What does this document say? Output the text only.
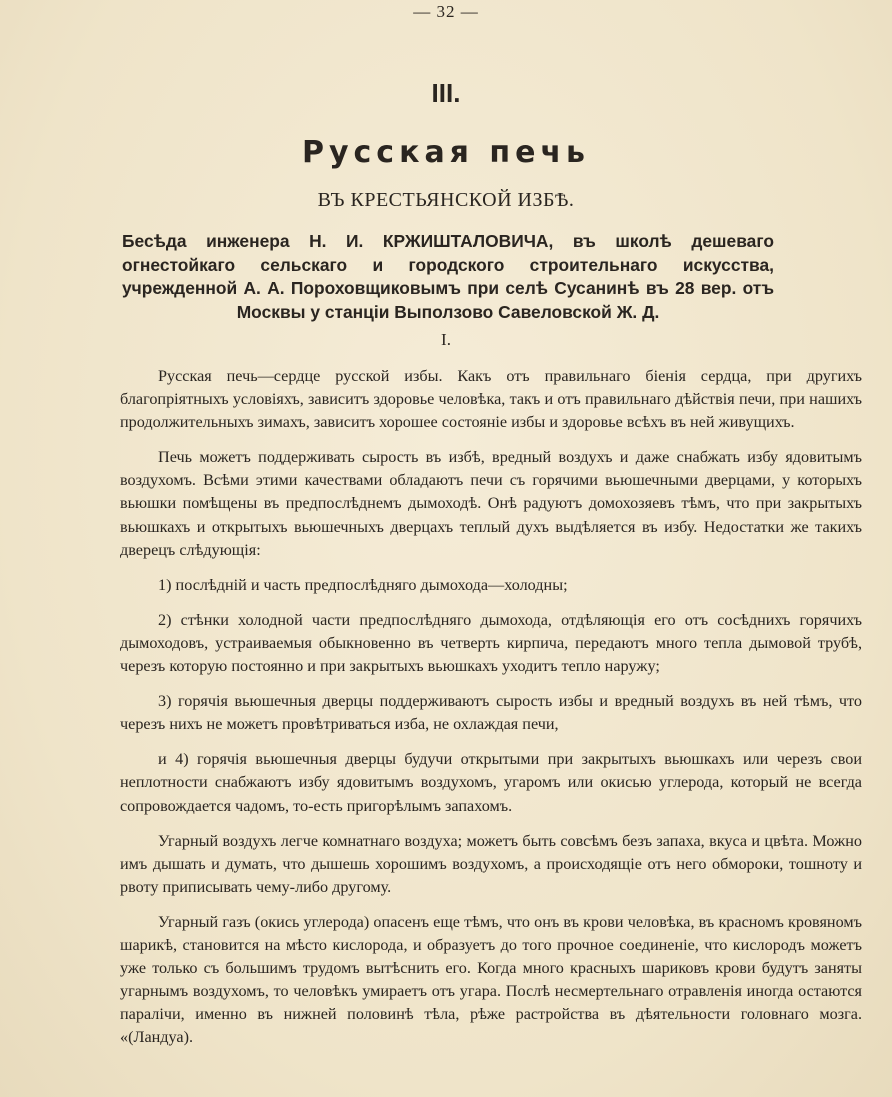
— 32 —
III.
Русская печь
ВЪ КРЕСТЬЯНСКОЙ ИЗБѢ.
Бесѣда инженера Н. И. КРЖИШТАЛОВИЧА, въ школѣ дешеваго огнестойкаго сельскаго и городского строительнаго искусства, учрежденной А. А. Пороховщиковымъ при селѣ Сусанинѣ въ 28 вер. отъ Москвы у станціи Выползово Савеловской Ж. Д.
I.

Русская печь—сердце русской избы. Какъ отъ правильнаго біенія сердца, при другихъ благопріятныхъ условіяхъ, зависитъ здоровье человѣка, такъ и отъ правильнаго дѣйствія печи, при нашихъ продолжительныхъ зимахъ, зависитъ хорошее состояніе избы и здоровье всѣхъ въ ней живущихъ.

Печь можетъ поддерживать сырость въ избѣ, вредный воздухъ и даже снабжать избу ядовитымъ воздухомъ. Всѣми этими качествами обладаютъ печи съ горячими вьюшечными дверцами, у которыхъ вьюшки помѣщены въ предпослѣднемъ дымоходѣ. Онѣ радуютъ домохозяевъ тѣмъ, что при закрытыхъ вьюшкахъ и открытыхъ вьюшечныхъ дверцахъ теплый духъ выдѣляется въ избу. Недостатки же такихъ дверецъ слѣдующія:

1) послѣдній и часть предпослѣдняго дымохода—холодны;

2) стѣнки холодной части предпослѣдняго дымохода, отдѣляющія его отъ сосѣднихъ горячихъ дымоходовъ, устраиваемыя обыкновенно въ четверть кирпича, передаютъ много тепла дымовой трубѣ, черезъ которую постоянно и при закрытыхъ вьюшкахъ уходитъ тепло наружу;

3) горячія вьюшечныя дверцы поддерживаютъ сырость избы и вредный воздухъ въ ней тѣмъ, что черезъ нихъ не можетъ провѣтриваться изба, не охлаждая печи,

и 4) горячія вьюшечныя дверцы будучи открытыми при закрытыхъ вьюшкахъ или черезъ свои неплотности снабжаютъ избу ядовитымъ воздухомъ, угаромъ или окисью углерода, который не всегда сопровождается чадомъ, то-есть пригорѣлымъ запахомъ.

Угарный воздухъ легче комнатнаго воздуха; можетъ быть совсѣмъ безъ запаха, вкуса и цвѣта. Можно имъ дышать и думать, что дышешь хорошимъ воздухомъ, а происходящіе отъ него обмороки, тошноту и рвоту приписывать чему-либо другому.

Угарный газъ (окись углерода) опасенъ еще тѣмъ, что онъ въ крови человѣка, въ красномъ кровяномъ шарикѣ, становится на мѣсто кислорода, и образуетъ до того прочное соединеніе, что кислородъ можетъ уже только съ большимъ трудомъ вытѣснить его. Когда много красныхъ шариковъ крови будутъ заняты угарнымъ воздухомъ, то человѣкъ умираетъ отъ угара. Послѣ несмертельнаго отравленія иногда остаются паралічи, именно въ нижней половинѣ тѣла, рѣже растройства въ дѣятельности головнаго мозга. «(Ландуа).
